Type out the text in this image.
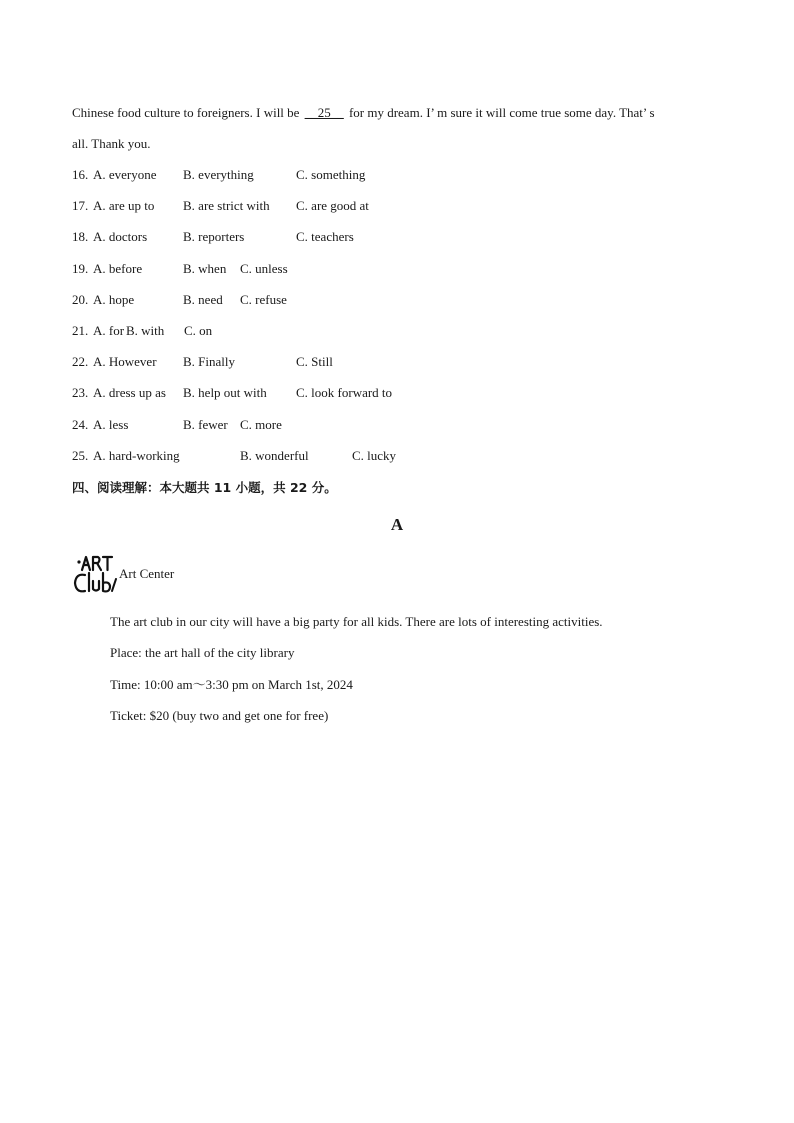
Chinese food culture to foreigners. I will be __25__ for my dream. I’ m sure it will come true some day. That’ s
all. Thank you.
16. A. everyone B. everything	C. something
17. A. are up to B. are strict with C. are good at
18. A. doctors	B. reporters	C. teachers
19. A. before	B. when C. unless
20. A. hope	B. need C. refuse
21. A. for B. with C. on
22. A. However B. Finally	C. Still
23. A. dress up as B. help out with C. look forward to
24. A. less	B. fewer C. more
25. A. hard-working	B. wonderful	C. lucky
四、阅读理解：本大题共 11 小题，共 22 分。
A
Art Center
The art club in our city will have a big party for all kids. There are lots of interesting activities.
Place: the art hall of the city library
Time: 10:00 am～3:30 pm on March 1st, 2024
Ticket: $20 (buy two and get one for free)
